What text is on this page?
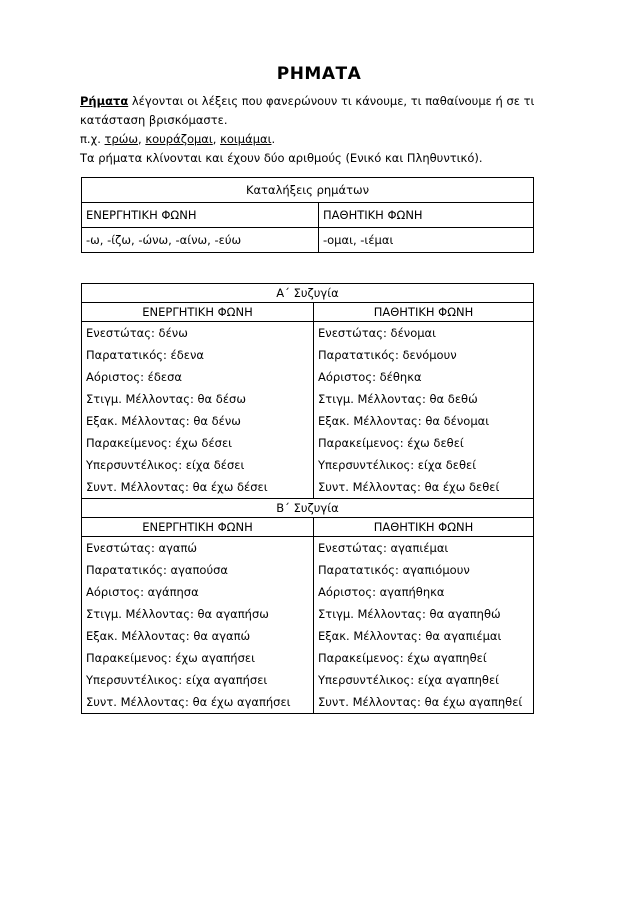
ΡΗΜΑΤΑ

Ρήματα λέγονται οι λέξεις που φανερώνουν τι κάνουμε, τι παθαίνουμε ή σε τι

κατάσταση βρισκόμαστε.

π.χ. τρώω, κουράζομαι, κοιμάμαι.

Τα ρήματα κλίνονται και έχουν δύο αριθμούς (Ενικό και Πληθυντικό).

Καταλήξεις ρημάτων	
ΕΝΕΡΓΗΤΙΚΗ ΦΩΝΗ	ΠΑΘΗΤΙΚΗ ΦΩΝΗ
-ω, -ίζω, -ώνω, -αίνω, -εύω	-ομαι, -ιέμαι
Α΄ Συζυγία	
ΕΝΕΡΓΗΤΙΚΗ ΦΩΝΗ	ΠΑΘΗΤΙΚΗ ΦΩΝΗ
Ενεστώτας: δένω	Ενεστώτας: δένομαι
Παρατατικός: έδενα	Παρατατικός: δενόμουν
Αόριστος: έδεσα	Αόριστος: δέθηκα
Στιγμ. Μέλλοντας: θα δέσω	Στιγμ. Μέλλοντας: θα δεθώ
Εξακ. Μέλλοντας: θα δένω	Εξακ. Μέλλοντας: θα δένομαι
Παρακείμενος: έχω δέσει	Παρακείμενος: έχω δεθεί
Υπερσυντέλικος: είχα δέσει	Υπερσυντέλικος: είχα δεθεί
Συντ. Μέλλοντας: θα έχω δέσει	Συντ. Μέλλοντας: θα έχω δεθεί
Β΄ Συζυγία	
ΕΝΕΡΓΗΤΙΚΗ ΦΩΝΗ	ΠΑΘΗΤΙΚΗ ΦΩΝΗ
Ενεστώτας: αγαπώ	Ενεστώτας: αγαπιέμαι
Παρατατικός: αγαπούσα	Παρατατικός: αγαπιόμουν
Αόριστος: αγάπησα	Αόριστος: αγαπήθηκα
Στιγμ. Μέλλοντας: θα αγαπήσω	Στιγμ. Μέλλοντας: θα αγαπηθώ
Εξακ. Μέλλοντας: θα αγαπώ	Εξακ. Μέλλοντας: θα αγαπιέμαι
Παρακείμενος: έχω αγαπήσει	Παρακείμενος: έχω αγαπηθεί
Υπερσυντέλικος: είχα αγαπήσει	Υπερσυντέλικος: είχα αγαπηθεί
Συντ. Μέλλοντας: θα έχω αγαπήσει	Συντ. Μέλλοντας: θα έχω αγαπηθεί
